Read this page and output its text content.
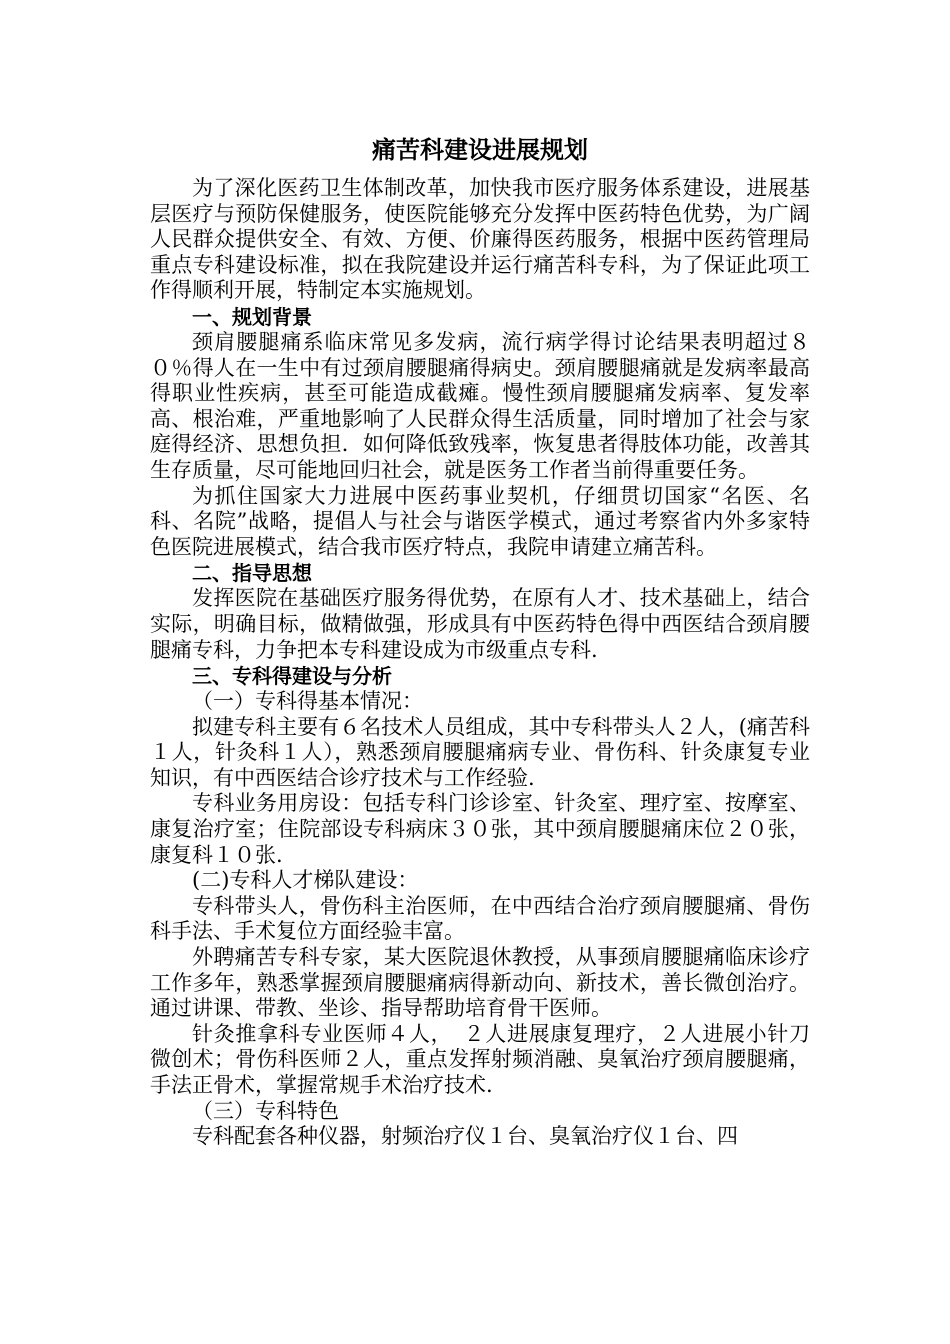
痛苦科建设进展规划

为了深化医药卫生体制改革，加快我市医疗服务体系建设，进展基层医疗与预防保健服务，使医院能够充分发挥中医药特色优势，为广阔人民群众提供安全、有效、方便、价廉得医药服务，根据中医药管理局重点专科建设标准，拟在我院建设并运行痛苦科专科，为了保证此项工作得顺利开展，特制定本实施规划。

一、规划背景

颈肩腰腿痛系临床常见多发病，流行病学得讨论结果表明超过８０％得人在一生中有过颈肩腰腿痛得病史。颈肩腰腿痛就是发病率最高得职业性疾病，甚至可能造成截瘫。慢性颈肩腰腿痛发病率、复发率高、根治难，严重地影响了人民群众得生活质量，同时增加了社会与家庭得经济、思想负担．如何降低致残率，恢复患者得肢体功能，改善其生存质量，尽可能地回归社会，就是医务工作者当前得重要任务。

为抓住国家大力进展中医药事业契机，仔细贯切国家“名医、名科、名院”战略，提倡人与社会与谐医学模式，通过考察省内外多家特色医院进展模式，结合我市医疗特点，我院申请建立痛苦科。

二、指导思想

发挥医院在基础医疗服务得优势，在原有人才、技术基础上，结合实际，明确目标，做精做强，形成具有中医药特色得中西医结合颈肩腰腿痛专科，力争把本专科建设成为市级重点专科.

三、专科得建设与分析

（一）专科得基本情况：

拟建专科主要有６名技术人员组成，其中专科带头人２人，(痛苦科１人，针灸科１人），熟悉颈肩腰腿痛病专业、骨伤科、针灸康复专业知识，有中西医结合诊疗技术与工作经验.

专科业务用房设：包括专科门诊诊室、针灸室、理疗室、按摩室、康复治疗室；住院部设专科病床３０张，其中颈肩腰腿痛床位２０张，康复科１０张.

(二)专科人才梯队建设：

专科带头人，骨伤科主治医师，在中西结合治疗颈肩腰腿痛、骨伤科手法、手术复位方面经验丰富。

外聘痛苦专科专家，某大医院退休教授，从事颈肩腰腿痛临床诊疗工作多年，熟悉掌握颈肩腰腿痛病得新动向、新技术，善长微创治疗。通过讲课、带教、坐诊、指导帮助培育骨干医师。

针灸推拿科专业医师４人，　２人进展康复理疗，２人进展小针刀微创术；骨伤科医师２人，重点发挥射频消融、臭氧治疗颈肩腰腿痛，手法正骨术，掌握常规手术治疗技术.

（三）专科特色

专科配套各种仪器，射频治疗仪１台、臭氧治疗仪１台、四
